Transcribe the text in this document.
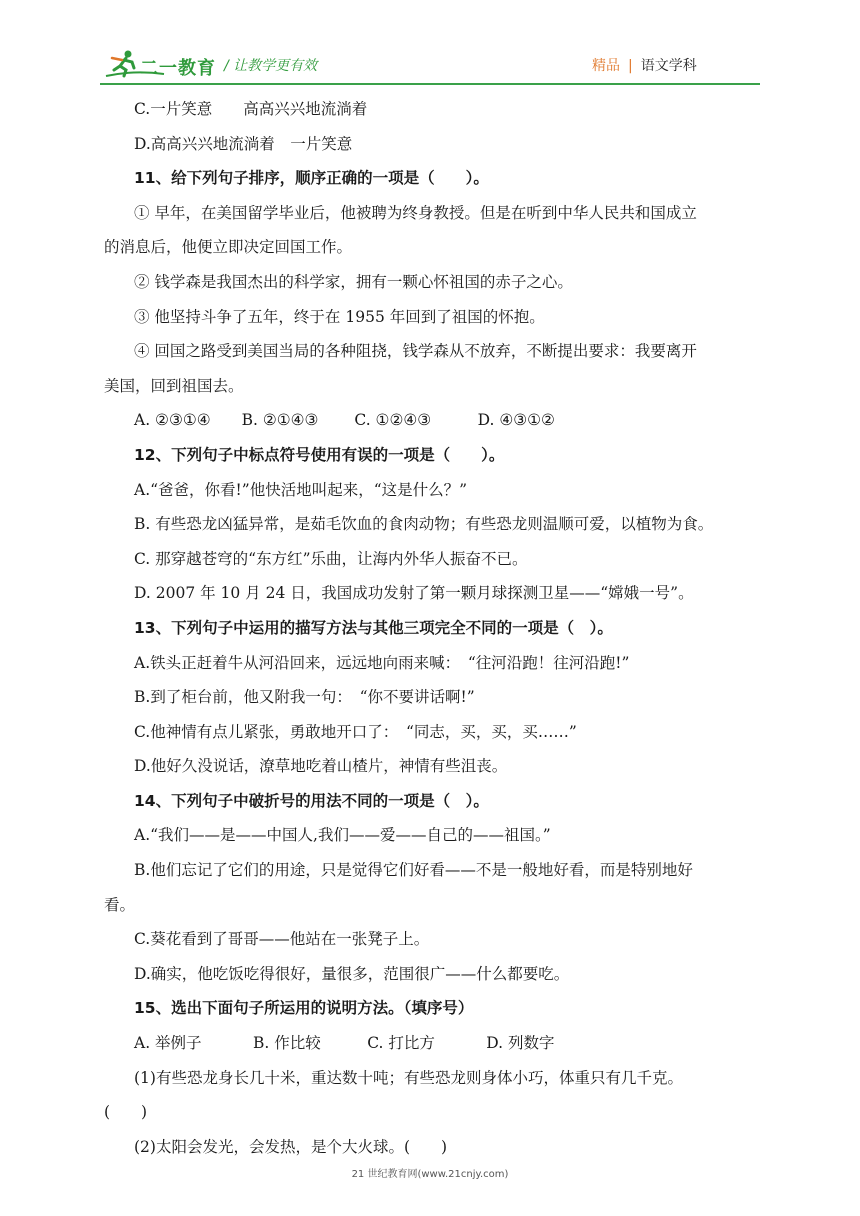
二一教育 / 让教学更有效	精品 | 语文学科
C.一片笑意　　高高兴兴地流淌着
D.高高兴兴地流淌着　一片笑意
11、给下列句子排序，顺序正确的一项是（　　）。
① 早年，在美国留学毕业后，他被聘为终身教授。但是在听到中华人民共和国成立
的消息后，他便立即决定回国工作。
② 钱学森是我国杰出的科学家，拥有一颗心怀祖国的赤子之心。
③ 他坚持斗争了五年，终于在 1955 年回到了祖国的怀抱。
④ 回国之路受到美国当局的各种阻挠，钱学森从不放弃，不断提出要求：我要离开
美国，回到祖国去。
A. ②③①④　　B. ②①④③　　 C. ①②④③　　　D. ④③①②
12、下列句子中标点符号使用有误的一项是（　　）。
A.“爸爸，你看!”他快活地叫起来，“这是什么？”
B. 有些恐龙凶猛异常，是茹毛饮血的食肉动物；有些恐龙则温顺可爱，以植物为食。
C. 那穿越苍穹的“东方红”乐曲，让海内外华人振奋不已。
D. 2007 年 10 月 24 日，我国成功发射了第一颗月球探测卫星——“嫦娥一号”。
13、下列句子中运用的描写方法与其他三项完全不同的一项是（　）。
A.铁头正赶着牛从河沿回来，远远地向雨来喊：　“往河沿跑！往河沿跑!”
B.到了柜台前，他又附我一句：　“你不要讲话啊!”
C.他神情有点儿紧张，勇敢地开口了：　“同志，买，买，买……”
D.他好久没说话，潦草地吃着山楂片，神情有些沮丧。
14、下列句子中破折号的用法不同的一项是（　）。
A.“我们——是——中国人,我们——爱——自己的——祖国。”
B.他们忘记了它们的用途，只是觉得它们好看——不是一般地好看，而是特别地好
看。
C.葵花看到了哥哥——他站在一张凳子上。
D.确实，他吃饭吃得很好，量很多，范围很广——什么都要吃。
15、选出下面句子所运用的说明方法。（填序号）
A. 举例子　　　 B. 作比较　　　C. 打比方　　　 D. 列数字
(1)有些恐龙身长几十米，重达数十吨；有些恐龙则身体小巧，体重只有几千克。
(　　)
(2)太阳会发光，会发热，是个大火球。(　　)
21 世纪教育网(www.21cnjy.com)
